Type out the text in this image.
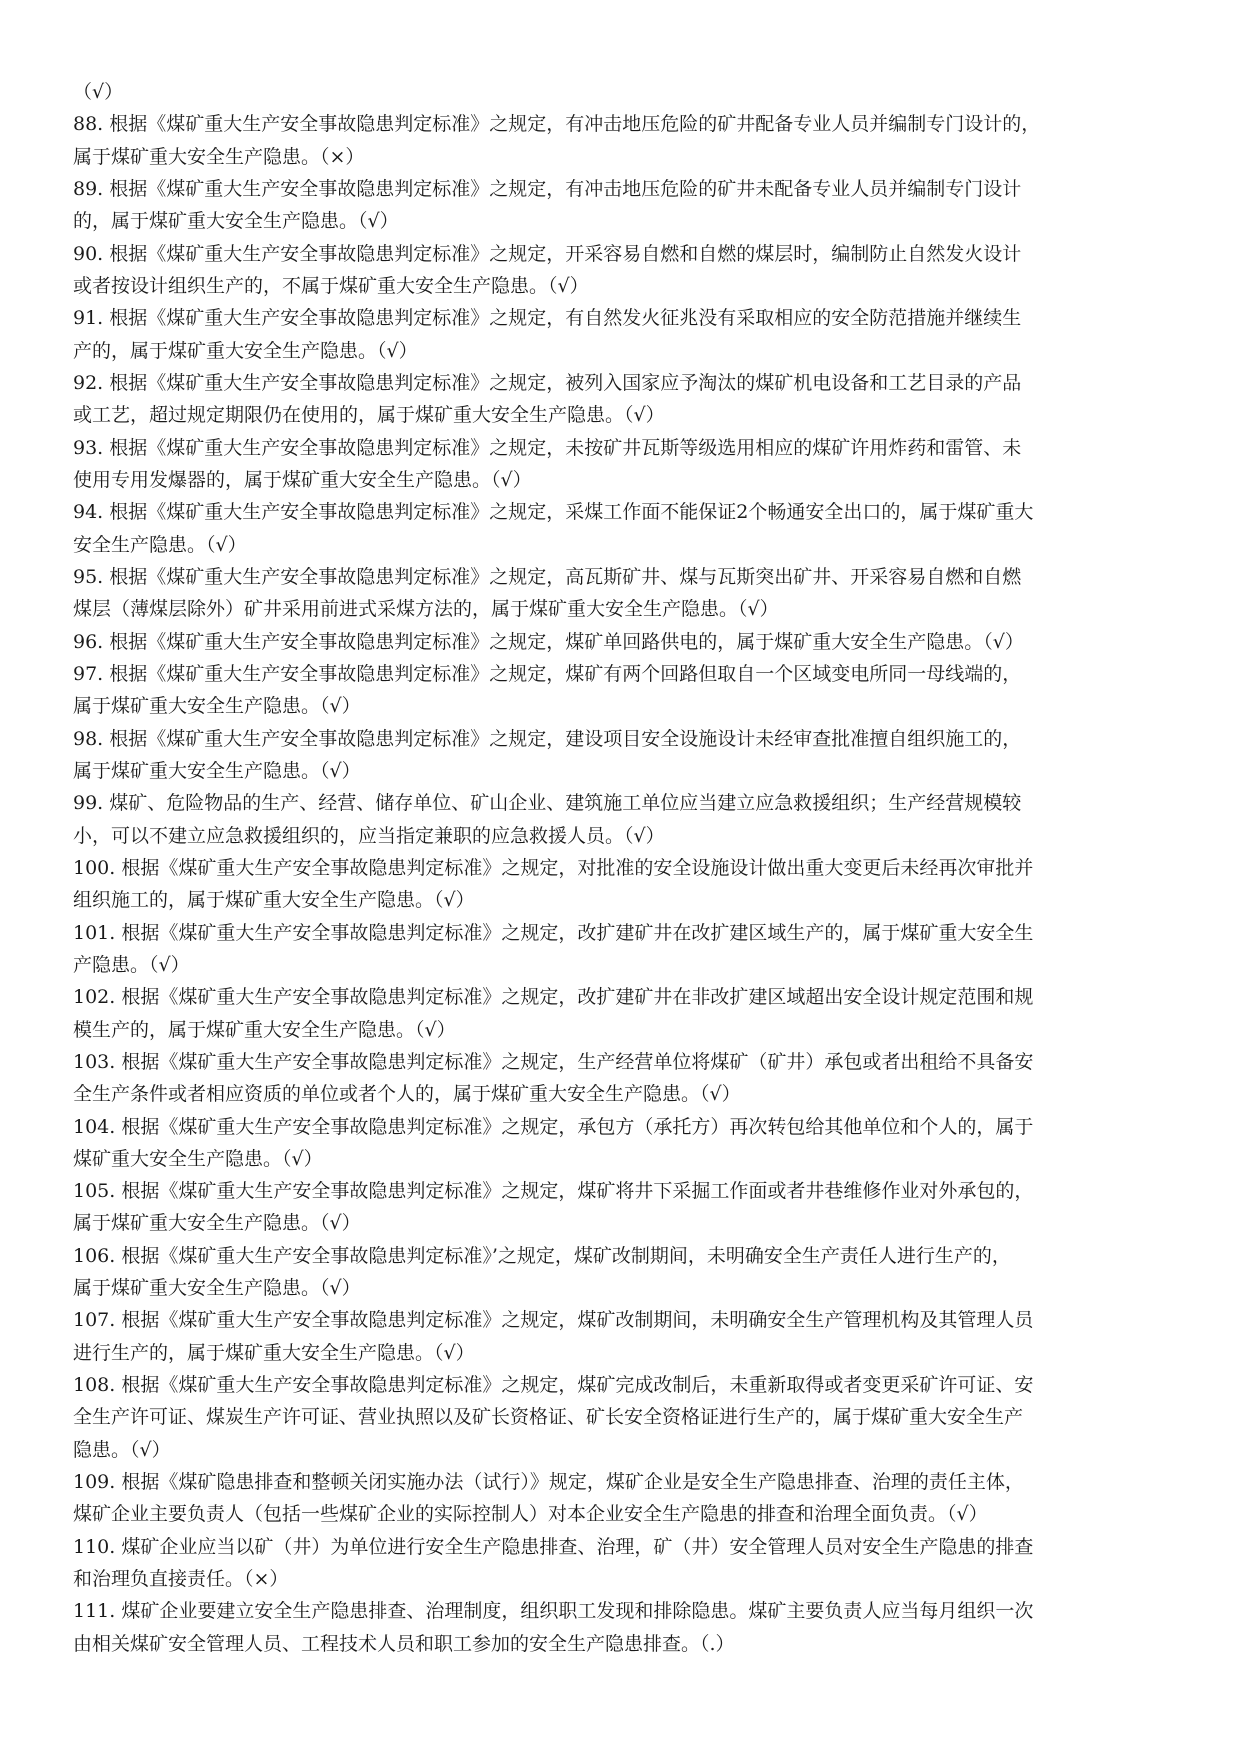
（√）
88. 根据《煤矿重大生产安全事故隐患判定标准》之规定，有冲击地压危险的矿井配备专业人员并编制专门设计的，
属于煤矿重大安全生产隐患。（×）
89. 根据《煤矿重大生产安全事故隐患判定标准》之规定，有冲击地压危险的矿井未配备专业人员并编制专门设计
的，属于煤矿重大安全生产隐患。（√）
90. 根据《煤矿重大生产安全事故隐患判定标准》之规定，开采容易自燃和自燃的煤层时，编制防止自然发火设计
或者按设计组织生产的，不属于煤矿重大安全生产隐患。（√）
91. 根据《煤矿重大生产安全事故隐患判定标准》之规定，有自然发火征兆没有采取相应的安全防范措施并继续生
产的，属于煤矿重大安全生产隐患。（√）
92. 根据《煤矿重大生产安全事故隐患判定标准》之规定，被列入国家应予淘汰的煤矿机电设备和工艺目录的产品
或工艺，超过规定期限仍在使用的，属于煤矿重大安全生产隐患。（√）
93. 根据《煤矿重大生产安全事故隐患判定标准》之规定，未按矿井瓦斯等级选用相应的煤矿许用炸药和雷管、未
使用专用发爆器的，属于煤矿重大安全生产隐患。（√）
94. 根据《煤矿重大生产安全事故隐患判定标准》之规定，采煤工作面不能保证2个畅通安全出口的，属于煤矿重大
安全生产隐患。（√）
95. 根据《煤矿重大生产安全事故隐患判定标准》之规定，高瓦斯矿井、煤与瓦斯突出矿井、开采容易自燃和自燃
煤层（薄煤层除外）矿井采用前进式采煤方法的，属于煤矿重大安全生产隐患。（√）
96. 根据《煤矿重大生产安全事故隐患判定标准》之规定，煤矿单回路供电的，属于煤矿重大安全生产隐患。（√）
97. 根据《煤矿重大生产安全事故隐患判定标准》之规定，煤矿有两个回路但取自一个区域变电所同一母线端的，
属于煤矿重大安全生产隐患。（√）
98. 根据《煤矿重大生产安全事故隐患判定标准》之规定，建设项目安全设施设计未经审查批准擅自组织施工的，
属于煤矿重大安全生产隐患。（√）
99. 煤矿、危险物品的生产、经营、储存单位、矿山企业、建筑施工单位应当建立应急救援组织；生产经营规模较
小，可以不建立应急救援组织的，应当指定兼职的应急救援人员。（√）
100. 根据《煤矿重大生产安全事故隐患判定标准》之规定，对批准的安全设施设计做出重大变更后未经再次审批并
组织施工的，属于煤矿重大安全生产隐患。（√）
101. 根据《煤矿重大生产安全事故隐患判定标准》之规定，改扩建矿井在改扩建区域生产的，属于煤矿重大安全生
产隐患。（√）
102. 根据《煤矿重大生产安全事故隐患判定标准》之规定，改扩建矿井在非改扩建区域超出安全设计规定范围和规
模生产的，属于煤矿重大安全生产隐患。（√）
103. 根据《煤矿重大生产安全事故隐患判定标准》之规定，生产经营单位将煤矿（矿井）承包或者出租给不具备安
全生产条件或者相应资质的单位或者个人的，属于煤矿重大安全生产隐患。（√）
104. 根据《煤矿重大生产安全事故隐患判定标准》之规定，承包方（承托方）再次转包给其他单位和个人的，属于
煤矿重大安全生产隐患。（√）
105. 根据《煤矿重大生产安全事故隐患判定标准》之规定，煤矿将井下采掘工作面或者井巷维修作业对外承包的，
属于煤矿重大安全生产隐患。（√）
106. 根据《煤矿重大生产安全事故隐患判定标准》’之规定，煤矿改制期间，未明确安全生产责任人进行生产的，
属于煤矿重大安全生产隐患。（√）
107. 根据《煤矿重大生产安全事故隐患判定标准》之规定，煤矿改制期间，未明确安全生产管理机构及其管理人员
进行生产的，属于煤矿重大安全生产隐患。（√）
108. 根据《煤矿重大生产安全事故隐患判定标准》之规定，煤矿完成改制后，未重新取得或者变更采矿许可证、安
全生产许可证、煤炭生产许可证、营业执照以及矿长资格证、矿长安全资格证进行生产的，属于煤矿重大安全生产
隐患。（√）
109. 根据《煤矿隐患排查和整顿关闭实施办法（试行）》规定，煤矿企业是安全生产隐患排查、治理的责任主体，
煤矿企业主要负责人（包括一些煤矿企业的实际控制人）对本企业安全生产隐患的排查和治理全面负责。（√）
110. 煤矿企业应当以矿（井）为单位进行安全生产隐患排查、治理，矿（井）安全管理人员对安全生产隐患的排查
和治理负直接责任。（×）
111. 煤矿企业要建立安全生产隐患排查、治理制度，组织职工发现和排除隐患。煤矿主要负责人应当每月组织一次
由相关煤矿安全管理人员、工程技术人员和职工参加的安全生产隐患排查。（.）
